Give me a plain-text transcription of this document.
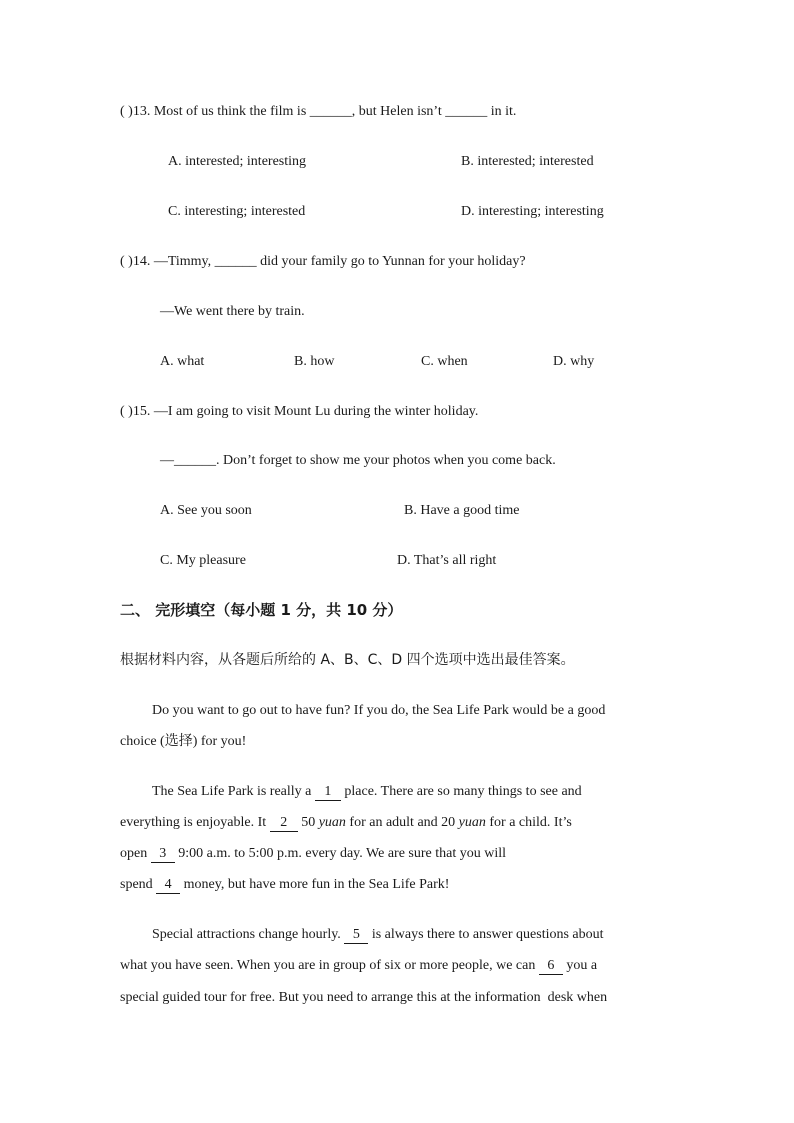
( )13. Most of us think the film is ______, but Helen isn’t ______ in it.
A. interested; interesting	B. interested; interested
C. interesting; interested	D. interesting; interesting
( )14. —Timmy, ______ did your family go to Yunnan for your holiday?
—We went there by train.
A. what	B. how	C. when	D. why
( )15. —I am going to visit Mount Lu during the winter holiday.
—______. Don’t forget to show me your photos when you come back.
A. See you soon	B. Have a good time
C. My pleasure	D. That’s all right
二、 完形填空（每小题 1 分，共 10 分）
根据材料内容，从各题后所给的 A、B、C、D 四个选项中选出最佳答案。
Do you want to go out to have fun? If you do, the Sea Life Park would be a good
choice (选择) for you!
The Sea Life Park is really a 1 place. There are so many things to see and
everything is enjoyable. It 2 50 yuan for an adult and 20 yuan for a child. It’s
open 3 9:00 a.m. to 5:00 p.m. every day. We are sure that you will
spend 4 money, but have more fun in the Sea Life Park!
Special attractions change hourly. 5 is always there to answer questions about
what you have seen. When you are in group of six or more people, we can 6 you a
special guided tour for free. But you need to arrange this at the information  desk when
